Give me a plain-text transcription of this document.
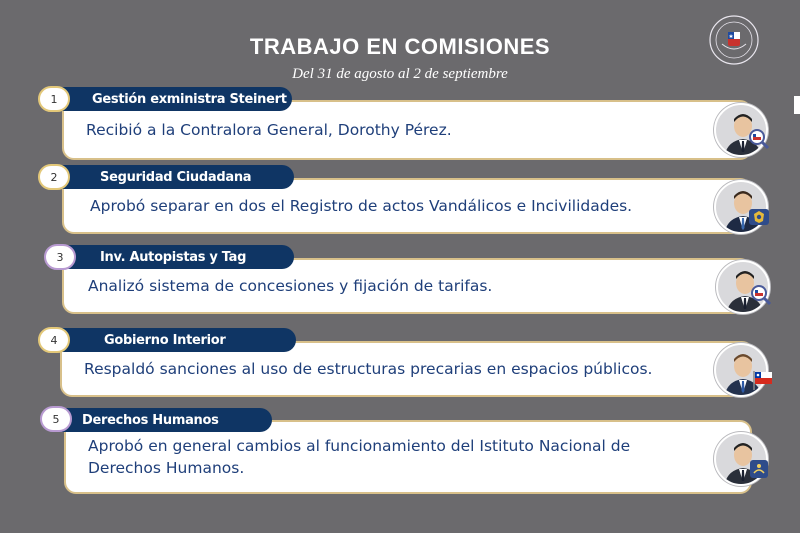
TRABAJO EN COMISIONES
Del 31 de agosto al 2 de septiembre
Recibió a la Contralora General, Dorothy Pérez.
Gestión exministra Steinert
1
Aprobó separar en dos el Registro de actos Vandálicos e Incivilidades.
Seguridad Ciudadana
2
Analizó sistema de concesiones y fijación de tarifas.
Inv. Autopistas y Tag
3
Respaldó sanciones al uso de estructuras precarias en espacios públicos.
Gobierno Interior
4
Aprobó en general cambios al funcionamiento del Istituto Nacional de Derechos Humanos.
Derechos Humanos
5
